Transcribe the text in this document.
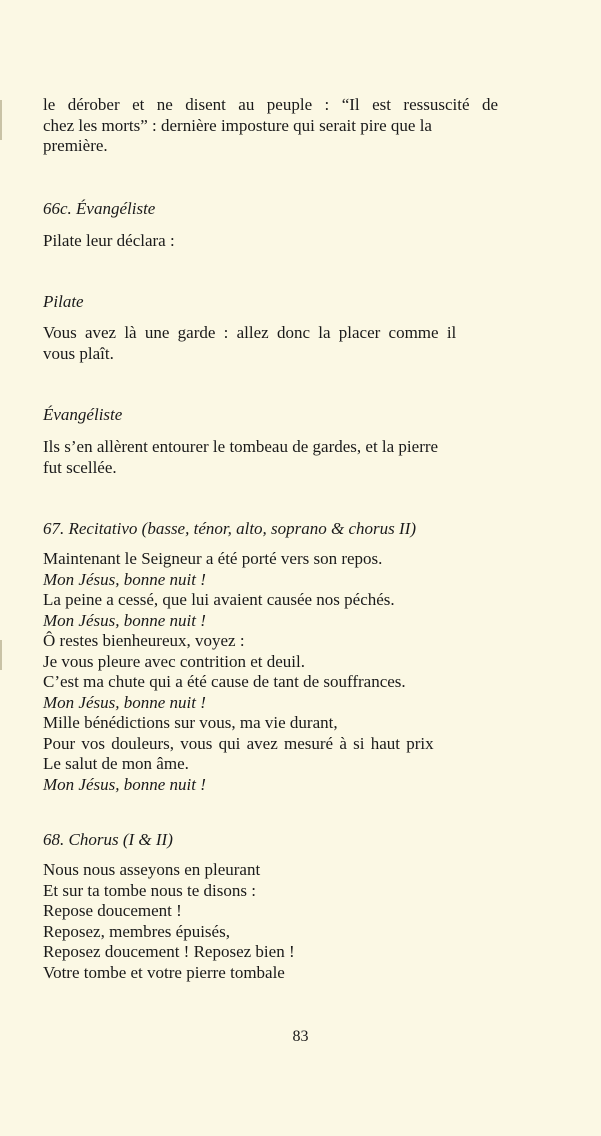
le dérober et ne disent au peuple : “Il est ressuscité de
chez les morts” : dernière imposture qui serait pire que la
première.
66c. Évangéliste
Pilate leur déclara :
Pilate
Vous avez là une garde : allez donc la placer comme il
vous plaît.
Évangéliste
Ils s’en allèrent entourer le tombeau de gardes, et la pierre
fut scellée.
67. Recitativo (basse, ténor, alto, soprano & chorus II)
Maintenant le Seigneur a été porté vers son repos.
Mon Jésus, bonne nuit !
La peine a cessé, que lui avaient causée nos péchés.
Mon Jésus, bonne nuit !
Ô restes bienheureux, voyez :
Je vous pleure avec contrition et deuil.
C’est ma chute qui a été cause de tant de souffrances.
Mon Jésus, bonne nuit !
Mille bénédictions sur vous, ma vie durant,
Pour vos douleurs, vous qui avez mesuré à si haut prix
Le salut de mon âme.
Mon Jésus, bonne nuit !
68. Chorus (I & II)
Nous nous asseyons en pleurant
Et sur ta tombe nous te disons :
Repose doucement !
Reposez, membres épuisés,
Reposez doucement ! Reposez bien !
Votre tombe et votre pierre tombale
83
